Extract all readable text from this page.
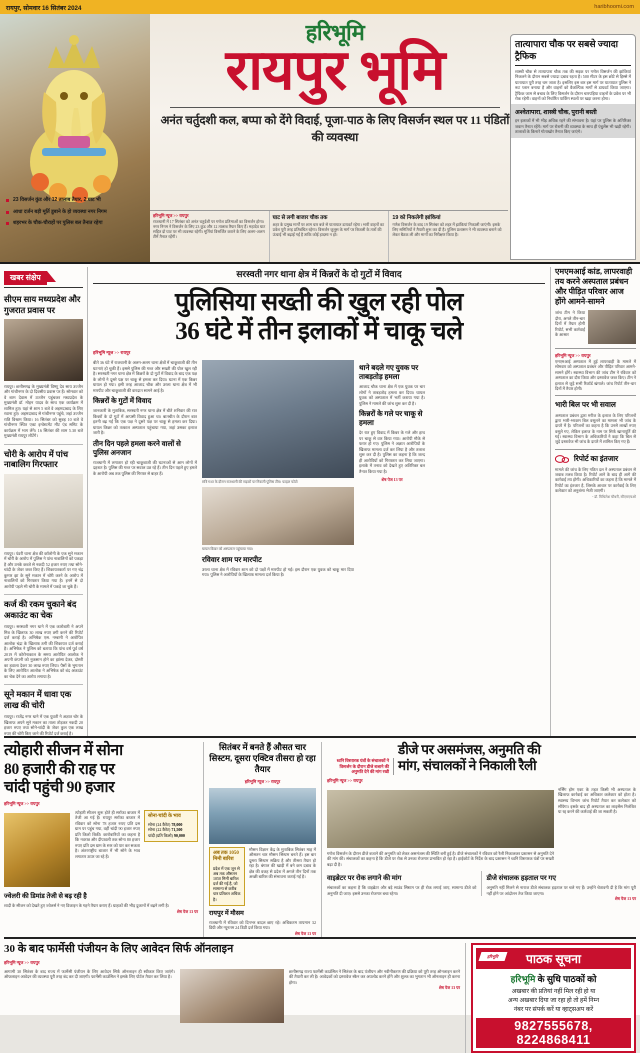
रायपुर, सोमवार 16 सितंबर 2024	haribhoomi.com
हरिभूमि
रायपुर भूमि
अनंत चर्तुदशी कल, बप्पा को देंगे विदाई, पूजा-पाठ के लिए विसर्जन स्थल पर 11 पंडितों की व्यवस्था
23 विसर्जन कुंड और 12 तालाब तैयार, 2 घाट भी
आधा दर्जन बड़ी मूर्ति डूबाने के हो व्यवस्था नगर निगम
शहरभर के चौक-चौराहों पर पुलिस बल तैनात रहेगा
हरिभूमि न्यूज >> रायपुर
राजधानी में 17 सितंबर को अनंत चतुर्दशी पर गणेश प्रतिमाओं का विसर्जन होगा। नगर निगम ने विसर्जन के लिए 23 कुंड और 12 तालाब तैयार किए हैं। महादेव घाट सहित दो घाट पर भी व्यवस्था रहेगी। मूर्तियां विसर्जित कराने के लिए अलग-अलग टीमें तैनात रहेंगी।
घाट से लगी बाजार चौक तक
शहर के प्रमुख मार्गों पर शाम चार बजे से यातायात डायवर्ट रहेगा। भारी वाहनों का प्रवेश पूरी तरह प्रतिबंधित रहेगा। विसर्जन जुलूस के मार्ग पर बिजली के तारों की ऊंचाई भी बढ़ाई गई है ताकि कोई हादसा न हो।
19 को निकलेगी झांकियां
गणेश विसर्जन के बाद 19 सितंबर को शहर में झांकियां निकाली जाएंगी। इसके लिए समितियों ने तैयारी शुरू कर दी है। पुलिस प्रशासन ने भी व्यवस्था बनाने को लेकर बैठक ली और मार्गों का निरीक्षण किया है।
तात्यापारा चौक पर सबसे ज्यादा ट्रैफिक
शास्त्री चौक से तात्यापारा चौक तक की सड़क पर गणेश विसर्जन की झांकियां निकलने के दौरान सबसे ज्यादा दबाव रहता है। 500 मीटर के इस छोटे से हिस्से में यातायात पूरी तरह थम जाता है। इसलिए इस बार इस मार्ग पर यातायात पुलिस ने रूट प्लान बनाया है और वाहनों को वैकल्पिक मार्गों से डायवर्ट किया जाएगा। ट्रैफिक जाम से बचाव के लिए विसर्जन के दौरान चारपहिया वाहनों के प्रवेश पर भी रोक रहेगी। वाहनों को निर्धारित पार्किंग स्थलों पर खड़ा करना होगा।
अश्वेतापारा, शास्त्री चौक, पुरानी बस्ती
इन इलाकों में भी भीड़ अधिक रहने की संभावना है। यहां पर पुलिस के अतिरिक्त जवान तैनात रहेंगे। मार्ग पर रोशनी की व्यवस्था के साथ ही एंबुलेंस भी खड़ी रहेगी। तालाबों के किनारे गोताखोर तैनात किए जाएंगे।
खबर संक्षेप
सीएम साय मध्यप्रदेश और गुजरात प्रवास पर
रायपुर। छत्तीसगढ़ के मुख्यमंत्री विष्णु देव साय उज्जैन और गांधीनगर के दो दिवसीय प्रवास पर हैं। सोमवार को वे शाम देवास में उज्जैन पहुंचकर मध्यप्रदेश के मुख्यमंत्री डॉ. मोहन यादव के साथ एक कार्यक्रम में शामिल हुए। यहां से शाम 5 बजे वे अहमदाबाद के लिए रवाना हुए। अहमदाबाद से गांधीनगर पहुंचे, जहां उज्जैन रात्रि विश्राम किया। 16 सितंबर को सुबह 10 बजे वे गांधीनगर स्थित एक्ट इन्वेस्टमेंट मीट एंड समिट के कार्यक्रम में भाग लेंगे। 16 सितंबर की शाम 5.30 बजे मुख्यमंत्री रायपुर लौटेंगे।
चोरी के आरोप में पांच नाबालिग गिरफ्तार
रायपुर। पंडरी थाना क्षेत्र की कॉलोनी के एक सूने मकान में चोरी के आरोप में पुलिस ने पांच नाबालिगों को पकड़ा है और उनके कब्जे से नकदी 52 हजार रुपए तथा सोने-चांदी के जेवर जब्त किए हैं। शिकायतकर्ता पर गए चंद्र कुमार झा के सूने मकान में चोरी करने के आरोप में नाबालिगों को गिरफ्तार किया गया है। इनमें से दो आरोपी पहले भी चोरी के मामले में पकड़े जा चुके हैं।
कर्ज की रकम चुकाने बंद अकाउंट का चेक
रायपुर। सरस्वती नगर थाने में एक कारोबारी ने अपने मित्र के खिलाफ 30 लाख रुपए ठगी करने की रिपोर्ट दर्ज कराई है। अभिषेक एस. नम्बानी ने आरोपित आलोक चंद्रा के खिलाफ ठगी की शिकायत दर्ज कराई है। अभिषेक ने पुलिस को बताया कि पांच वर्ष पूर्व वर्ष 2019 में कोरोनाकाल के समय आरोपित आलोक ने अपनी कंपनी को नुकसान होने का झांसा देकर, दोस्ती का हवाला देकर 30 लाख रुपए लिया। पैसों के भुगतान के लिए आरोपित आलोक ने अभिषेक को बंद अकाउंट का चेक देने का आरोप लगाया है।
सूने मकान में धावा एक लाख की चोरी
रायपुर। राजेंद्र नगर थाने में एक युवती ने अज्ञात चोर के खिलाफ अपने सूने मकान का ताला तोड़कर नकदी 20 हजार रुपए तथा सोने-चांदी के जेवर कुल एक लाख रुपए की चोरी किए जाने की रिपोर्ट दर्ज कराई है।
सरस्वती नगर थाना क्षेत्र में किन्नरों के दो गुटों में विवाद
पुलिसिया सख्ती की खुल रही पोल
36 घंटे में तीन इलाकों में चाकू चले
हरिभूमि न्यूज >> रायपुर
बीते 36 घंटे में राजधानी के अलग-अलग थाना क्षेत्रों में चाकूबाजी की तीन घटनाएं हो चुकी हैं। इससे पुलिस की गश्त और सख्ती की पोल खुल रही है। सरस्वती नगर थाना क्षेत्र में किन्नरों के दो गुटों में विवाद के बाद एक पक्ष के लोगों ने दूसरे पक्ष पर चाकू से हमला कर दिया। घटना में एक किन्नर घायल हो गया। इसी तरह आजाद चौक और उरला थाना क्षेत्र में भी मारपीट और चाकूबाजी की वारदात सामने आई है।
किन्नरों के गुटों में विवाद
जानकारी के मुताबिक, सरस्वती नगर थाना क्षेत्र में बीते शनिवार की रात किन्नरों के दो गुटों में आपसी विवाद हुआ था। बातचीत के दौरान बात इतनी बढ़ गई कि एक पक्ष ने दूसरे पक्ष पर चाकू से हमला कर दिया। घायल किन्नर को तत्काल अस्पताल पहुंचाया गया, जहां उसका इलाज जारी है।
तीन दिन पहले हमला करने वालों से पुलिस अनजान
राजधानी में लगातार हो रही चाकूबाजी की घटनाओं से आम लोगों में दहशत है। पुलिस की गश्त पर सवाल उठ रहे हैं। तीन दिन पहले हुए हमले के आरोपी अब तक पुलिस की गिरफ्त से बाहर हैं।
रात्रि गश्त के दौरान राजधानी की सड़कों पर निकली पुलिस टीम। फाइल फोटो
घायल किन्नर को अस्पताल पहुंचाया गया।
रविवार शाम पर मारपीट
उरला थाना क्षेत्र में रविवार शाम को दो पक्षों में मारपीट हो गई। इस दौरान एक युवक को चाकू मार दिया गया। पुलिस ने आरोपियों के खिलाफ मामला दर्ज किया है।
थाने बदले गए युवक पर ताबड़तोड़ हमला
आजाद चौक थाना क्षेत्र में एक युवक पर चार लोगों ने ताबड़तोड़ हमला कर दिया। घायल युवक को अस्पताल में भर्ती कराया गया है। पुलिस ने मामले की जांच शुरू कर दी है।
किन्नरों के गले पर चाकू से हमला
देर रात हुए विवाद में किन्नर के गले और हाथ पर चाकू से वार किया गया। आरोपी मौके से फरार हो गए। पुलिस ने अज्ञात आरोपियों के खिलाफ मामला दर्ज कर लिया है और तलाश शुरू कर दी है। पुलिस का कहना है कि जल्द ही आरोपियों को गिरफ्तार कर लिया जाएगा। इलाके में तनाव को देखते हुए अतिरिक्त बल तैनात किया गया है।
शेष पेज 13 पर
एमएमआई कांड, लापरवाही तय करने अस्पताल प्रबंधन और पीड़ित परिवार आज होंगे आमने-सामने
जांच टीम ने किया दौरा, अगले तीन-चार दिनों में तैयार होगी रिपोर्ट, सभी कार्रवाई के आसार
हरिभूमि न्यूज >> रायपुर
एमएमआई अस्पताल में हुई लापरवाही के मामले में सोमवार को अस्पताल प्रबंधन और पीड़ित परिवार आमने-सामने होंगे। स्वास्थ्य विभाग की जांच टीम ने रविवार को अस्पताल का दौरा किया और दस्तावेज जब्त किए। टीम ने इलाज से जुड़े सभी रिकॉर्ड खंगाले। जांच रिपोर्ट तीन-चार दिनों में तैयार होगी।
भारी बिल पर भी सवाल
अस्पताल प्रबंधन द्वारा मरीज के इलाज के लिए परिजनों द्वारा भारी-भरकम बिल वसूलने का मामला भी जांच के दायरे में है। परिजनों का कहना है कि उनसे लाखों रुपए वसूले गए, लेकिन इलाज के नाम पर सिर्फ खानापूर्ति की गई। स्वास्थ्य विभाग के अधिकारियों ने कहा कि बिल से जुड़े दस्तावेज भी जांच के दायरे में शामिल किए गए हैं।
रिपोर्ट का इंतजार
मामले की जांच के लिए गठित दल ने अस्पताल प्रबंधन से जवाब तलब किया है। रिपोर्ट आने के बाद ही आगे की कार्रवाई तय होगी। अधिकारियों का कहना है कि मामले में रिपोर्ट का इंतजार है, जिसके आधार पर कार्रवाई के लिए कलेक्टर को अनुशंसा भेजी जाएगी।
- डॉ. मिथिलेश चौधरी, सीएमएचओ
त्योहारी सीजन में सोना
80 हजारी की राह पर
चांदी पहुंची 90 हजार
हरिभूमि न्यूज >> रायपुर
त्योहारी सीजन शुरू होते ही सर्राफा बाजार में तेजी आ गई है। रायपुर सर्राफा बाजार में रविवार को सोना 78 हजार रुपए प्रति दस ग्राम पर पहुंच गया, वहीं चांदी 90 हजार रुपए प्रति किलो बिकी। कारोबारियों का कहना है कि नवरात्र और दीपावली तक सोना 80 हजार रुपए प्रति दस ग्राम के स्तर को पार कर सकता है। अंतरराष्ट्रीय बाजार में भी सोने के भाव लगातार ऊपर जा रहे हैं।
सोना-चांदी के भाव
सोना (24 कैरेट) 78,000
सोना (22 कैरेट) 71,500
चांदी (प्रति किलो) 90,000
ज्वेलरी की डिमांड तेजी से बढ़ रही है
शादी के सीजन को देखते हुए ज्वेलर्स ने नए डिजाइन के गहने तैयार कराए हैं। ग्राहकों की भीड़ दुकानों में बढ़ने लगी है।
शेष पेज 13 पर
सितंबर में बनते हैं औसत चार सिस्टम, दूसरा एक्टिव तीसरा हो रहा तैयार
हरिभूमि न्यूज >> रायपुर
अब तक 1050 मिमी बारिश
प्रदेश में एक जून से अब तक औसतन 1050 मिमी बारिश दर्ज की गई है, जो सामान्य से करीब चार प्रतिशत अधिक है।
मौसम विज्ञान केंद्र के मुताबिक सितंबर माह में औसतन चार मौसम सिस्टम बनते हैं। इस बार दूसरा सिस्टम सक्रिय है और तीसरा तैयार हो रहा है। बंगाल की खाड़ी में बने कम दबाव के क्षेत्र की वजह से प्रदेश में अगले तीन दिनों तक अच्छी बारिश की संभावना जताई गई है।
रायपुर में मौसम
राजधानी में रविवार को दिनभर बादल छाए रहे। अधिकतम तापमान 32 डिग्री और न्यूनतम 24 डिग्री दर्ज किया गया।
शेष पेज 13 पर
ध्वनि विस्तारक यंत्रों के संचालकों ने विसर्जन के दौरान डीजे बजाने की अनुमति देने की मांग रखी
डीजे पर असमंजस, अनुमति की
मांग, संचालकों ने निकाली रैली
हरिभूमि न्यूज >> रायपुर
गणेश विसर्जन के दौरान डीजे बजाने की अनुमति को लेकर असमंजस की स्थिति बनी हुई है। डीजे संचालकों ने रविवार को रैली निकालकर प्रशासन से अनुमति देने की मांग की। संचालकों का कहना है कि डीजे पर रोक से उनका रोजगार प्रभावित हो रहा है। हाईकोर्ट के निर्देश के बाद प्रशासन ने ध्वनि विस्तारक यंत्रों पर सख्ती बढ़ा दी है।
नर्सिंग होम एक्ट के तहत किसी भी अस्पताल के खिलाफ कार्रवाई का अधिकार कलेक्टर को होता है। स्वास्थ्य विभाग जांच रिपोर्ट तैयार कर कलेक्टर को सौंपेगा। इसके बाद ही अस्पताल का लाइसेंस निलंबित या रद्द करने की कार्रवाई की जा सकती है।
वाइब्रेटर पर रोक लगाने की मांग
संचालकों का कहना है कि वाइब्रेटर और बड़े साउंड सिस्टम पर ही रोक लगाई जाए, सामान्य डीजे को अनुमति दी जाए। इससे उनका रोजगार बचा रहेगा।
डीजे संचालक हड़ताल पर गए
अनुमति नहीं मिलने से नाराज डीजे संचालक हड़ताल पर चले गए हैं। उन्होंने चेतावनी दी है कि मांग पूरी नहीं होने पर आंदोलन तेज किया जाएगा।
शेष पेज 13 पर
30 के बाद फार्मेसी पंजीयन के लिए आवेदन सिर्फ ऑनलाइन
हरिभूमि न्यूज >> रायपुर
आगामी 30 सितंबर के बाद राज्य में फार्मेसी पंजीयन के लिए आवेदन सिर्फ ऑनलाइन ही स्वीकार किए जाएंगे। ऑफलाइन आवेदन की व्यवस्था पूरी तरह बंद कर दी जाएगी। फार्मेसी काउंसिल ने इसके लिए पोर्टल तैयार कर लिया है।
छत्तीसगढ़ राज्य फार्मेसी काउंसिल ने सितंबर के बाद पंजीयन और नवीनीकरण की प्रक्रिया को पूरी तरह ऑनलाइन करने की तैयारी कर ली है। आवेदकों को दस्तावेज स्कैन कर अपलोड करने होंगे और शुल्क का भुगतान भी ऑनलाइन ही करना होगा।
शेष पेज 13 पर
हरिभूमि	पाठक सूचना
हरिभूमि के सुधि पाठकों को
अखबार की प्रतियां नहीं मिल रही हो या
अन्य अखबार दिया जा रहा हो तो हमें निम्न
नंबर पर संपर्क करें या व्हाट्सअप करें
9827555678, 8224868411
